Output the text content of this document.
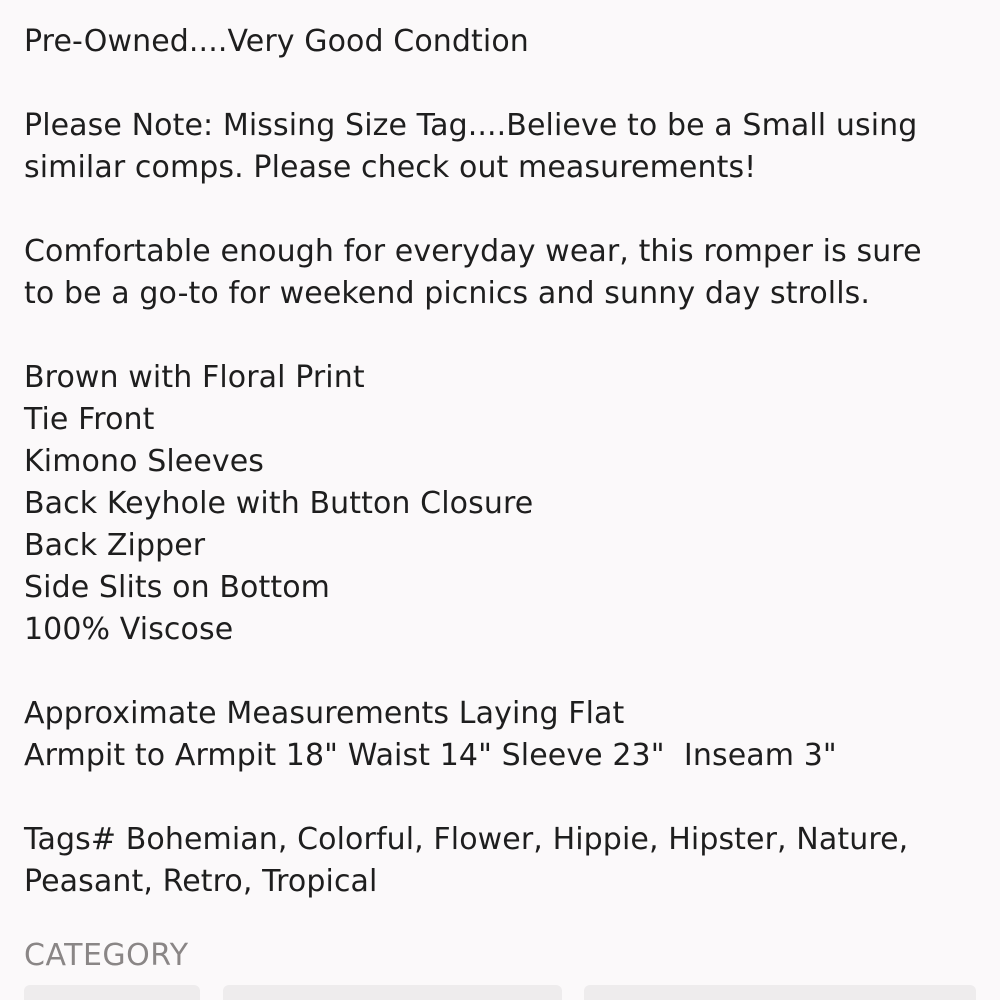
Pre-Owned....Very Good Condtion
Please Note: Missing Size Tag....Believe to be a Small using
similar comps. Please check out measurements!
Comfortable enough for everyday wear, this romper is sure
to be a go-to for weekend picnics and sunny day strolls.
Brown with Floral Print
Tie Front
Kimono Sleeves
Back Keyhole with Button Closure
Back Zipper
Side Slits on Bottom
100% Viscose
Approximate Measurements Laying Flat
Armpit to Armpit 18" Waist 14" Sleeve 23"  Inseam 3"
Tags# Bohemian, Colorful, Flower, Hippie, Hipster, Nature,
Peasant, Retro, Tropical
CATEGORY
